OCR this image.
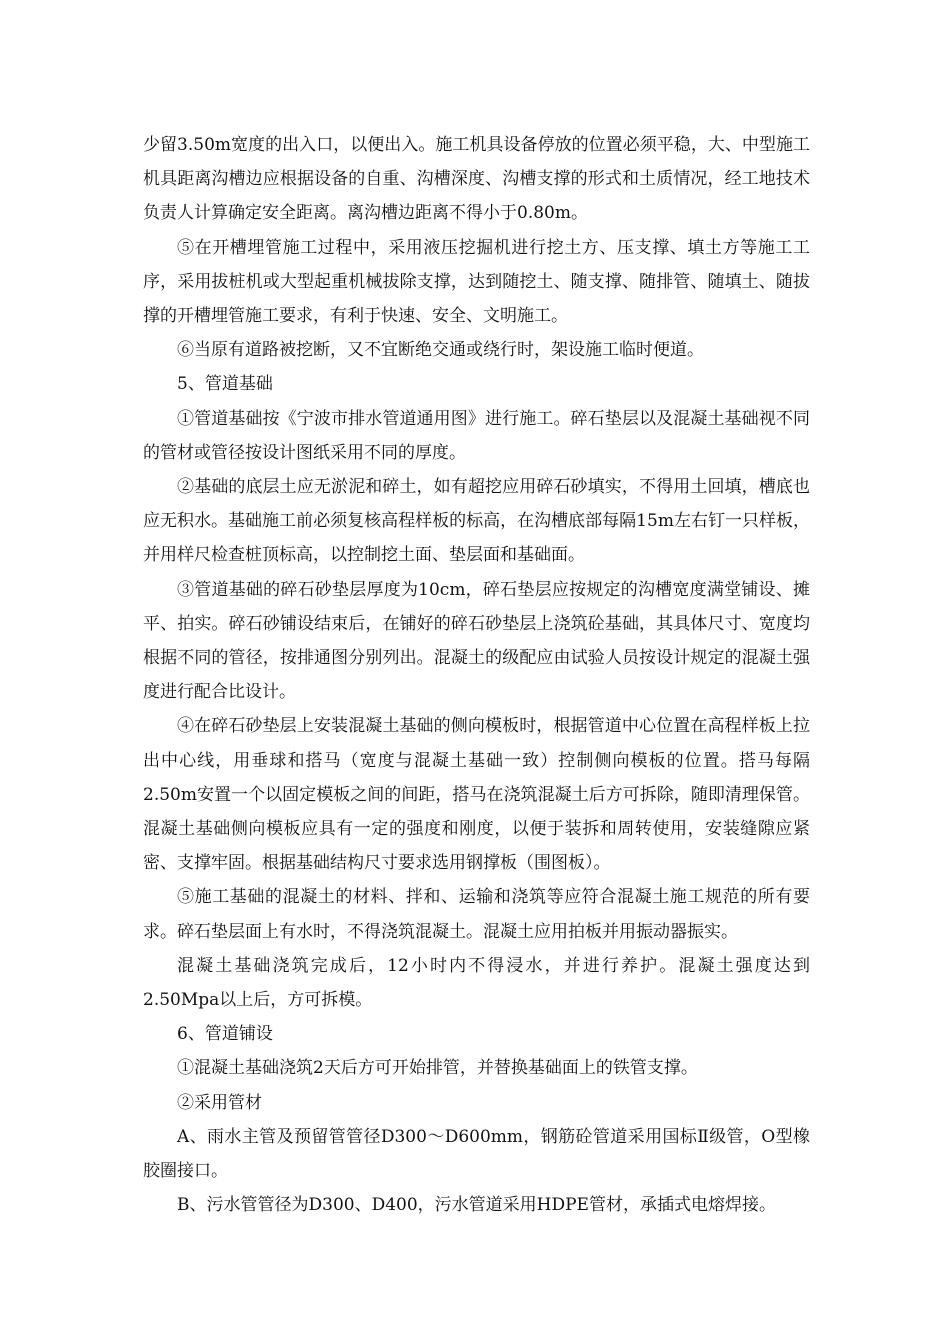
少留3.50m宽度的出入口，以便出入。施工机具设备停放的位置必须平稳，大、中型施工机具距离沟槽边应根据设备的自重、沟槽深度、沟槽支撑的形式和土质情况，经工地技术负责人计算确定安全距离。离沟槽边距离不得小于0.80m。

⑤在开槽埋管施工过程中，采用液压挖掘机进行挖土方、压支撑、填土方等施工工序，采用拔桩机或大型起重机械拔除支撑，达到随挖土、随支撑、随排管、随填土、随拔撑的开槽埋管施工要求，有利于快速、安全、文明施工。

⑥当原有道路被挖断，又不宜断绝交通或绕行时，架设施工临时便道。

5、管道基础

①管道基础按《宁波市排水管道通用图》进行施工。碎石垫层以及混凝土基础视不同的管材或管径按设计图纸采用不同的厚度。

②基础的底层土应无淤泥和碎土，如有超挖应用碎石砂填实，不得用土回填，槽底也应无积水。基础施工前必须复核高程样板的标高，在沟槽底部每隔15m左右钉一只样板，并用样尺检查桩顶标高，以控制挖土面、垫层面和基础面。

③管道基础的碎石砂垫层厚度为10cm，碎石垫层应按规定的沟槽宽度满堂铺设、摊平、拍实。碎石砂铺设结束后，在铺好的碎石砂垫层上浇筑砼基础，其具体尺寸、宽度均根据不同的管径，按排通图分别列出。混凝土的级配应由试验人员按设计规定的混凝土强度进行配合比设计。

④在碎石砂垫层上安装混凝土基础的侧向模板时，根据管道中心位置在高程样板上拉出中心线，用垂球和搭马（宽度与混凝土基础一致）控制侧向模板的位置。搭马每隔2.50m安置一个以固定模板之间的间距，搭马在浇筑混凝土后方可拆除，随即清理保管。混凝土基础侧向模板应具有一定的强度和刚度，以便于装拆和周转使用，安装缝隙应紧密、支撑牢固。根据基础结构尺寸要求选用钢撑板（围图板）。

⑤施工基础的混凝土的材料、拌和、运输和浇筑等应符合混凝土施工规范的所有要求。碎石垫层面上有水时，不得浇筑混凝土。混凝土应用拍板并用振动器振实。

混凝土基础浇筑完成后，12小时内不得浸水，并进行养护。混凝土强度达到2.50Mpa以上后，方可拆模。

6、管道铺设

①混凝土基础浇筑2天后方可开始排管，并替换基础面上的铁管支撑。

②采用管材

A、雨水主管及预留管管径D300～D600mm，钢筋砼管道采用国标Ⅱ级管，O型橡胶圈接口。

B、污水管管径为D300、D400，污水管道采用HDPE管材，承插式电熔焊接。
